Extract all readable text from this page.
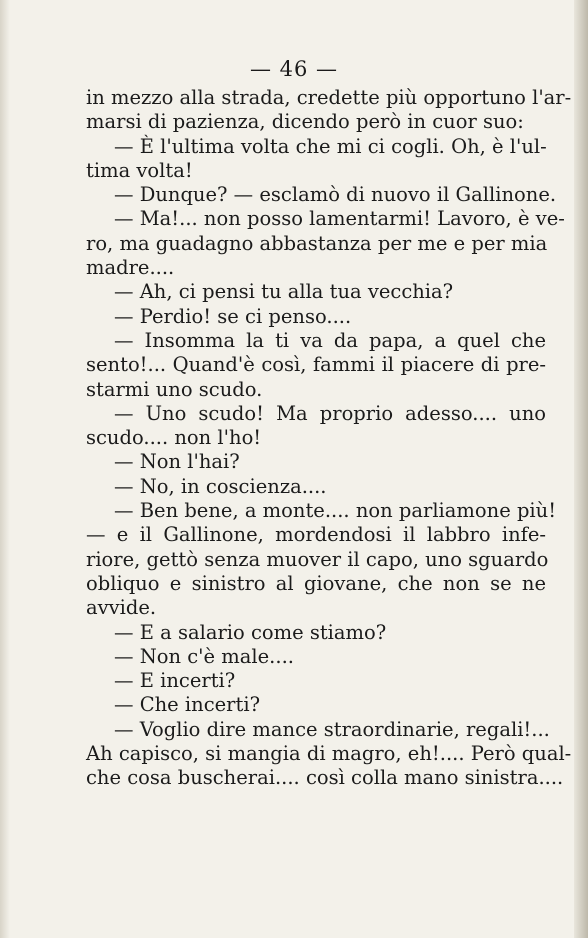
— 46 —
in mezzo alla strada, credette più opportuno l'ar-
marsi di pazienza, dicendo però in cuor suo:
— È l'ultima volta che mi ci cogli. Oh, è l'ul-
tima volta!
— Dunque? — esclamò di nuovo il Gallinone.
— Ma!... non posso lamentarmi! Lavoro, è ve-
ro, ma guadagno abbastanza per me e per mia
madre....
— Ah, ci pensi tu alla tua vecchia?
— Perdio! se ci penso....
— Insomma la ti va da papa, a quel che
sento!... Quand'è così, fammi il piacere di pre-
starmi uno scudo.
— Uno scudo! Ma proprio adesso.... uno
scudo.... non l'ho!
— Non l'hai?
— No, in coscienza....
— Ben bene, a monte.... non parliamone più!
— e il Gallinone, mordendosi il labbro infe-
riore, gettò senza muover il capo, uno sguardo
obliquo e sinistro al giovane, che non se ne
avvide.
— E a salario come stiamo?
— Non c'è male....
— E incerti?
— Che incerti?
— Voglio dire mance straordinarie, regali!...
Ah capisco, si mangia di magro, eh!.... Però qual-
che cosa buscherai.... così colla mano sinistra....
